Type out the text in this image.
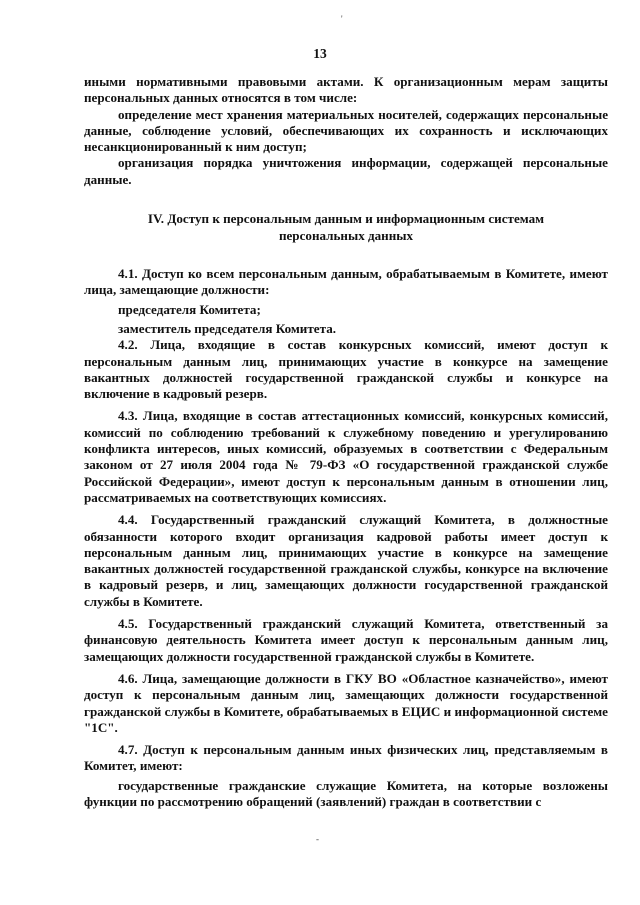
'
13

иными нормативными правовыми актами. К организационным мерам защиты персональных данных относятся в том числе:

определение мест хранения материальных носителей, содержащих персональные данные, соблюдение условий, обеспечивающих их сохранность и исключающих несанкционированный к ним доступ;

организация порядка уничтожения информации, содержащей персональные данные.

IV. Доступ к персональным данным и информационным системам
персональных данных

4.1. Доступ ко всем персональным данным, обрабатываемым в Комитете, имеют лица, замещающие должности:

председателя Комитета;

заместитель председателя Комитета.

4.2. Лица, входящие в состав конкурсных комиссий, имеют доступ к персональным данным лиц, принимающих участие в конкурсе на замещение вакантных должностей государственной гражданской службы и конкурсе на включение в кадровый резерв.

4.3. Лица, входящие в состав аттестационных комиссий, конкурсных комиссий, комиссий по соблюдению требований к служебному поведению и урегулированию конфликта интересов, иных комиссий, образуемых в соответствии с Федеральным законом от 27 июля 2004 года № 79-ФЗ «О государственной гражданской службе Российской Федерации», имеют доступ к персональным данным в отношении лиц, рассматриваемых на соответствующих комиссиях.

4.4. Государственный гражданский служащий Комитета, в должностные обязанности которого входит организация кадровой работы имеет доступ к персональным данным лиц, принимающих участие в конкурсе на замещение вакантных должностей государственной гражданской службы, конкурсе на включение в кадровый резерв, и лиц, замещающих должности государственной гражданской службы в Комитете.

4.5. Государственный гражданский служащий Комитета, ответственный за финансовую деятельность Комитета имеет доступ к персональным данным лиц, замещающих должности государственной гражданской службы в Комитете.

4.6. Лица, замещающие должности в ГКУ ВО «Областное казначейство», имеют доступ к персональным данным лиц, замещающих должности государственной гражданской службы в Комитете, обрабатываемых в ЕЦИС и информационной системе "1С".

4.7. Доступ к персональным данным иных физических лиц, представляемым в Комитет, имеют:

государственные гражданские служащие Комитета, на которые возложены функции по рассмотрению обращений (заявлений) граждан в соответствии с

-
